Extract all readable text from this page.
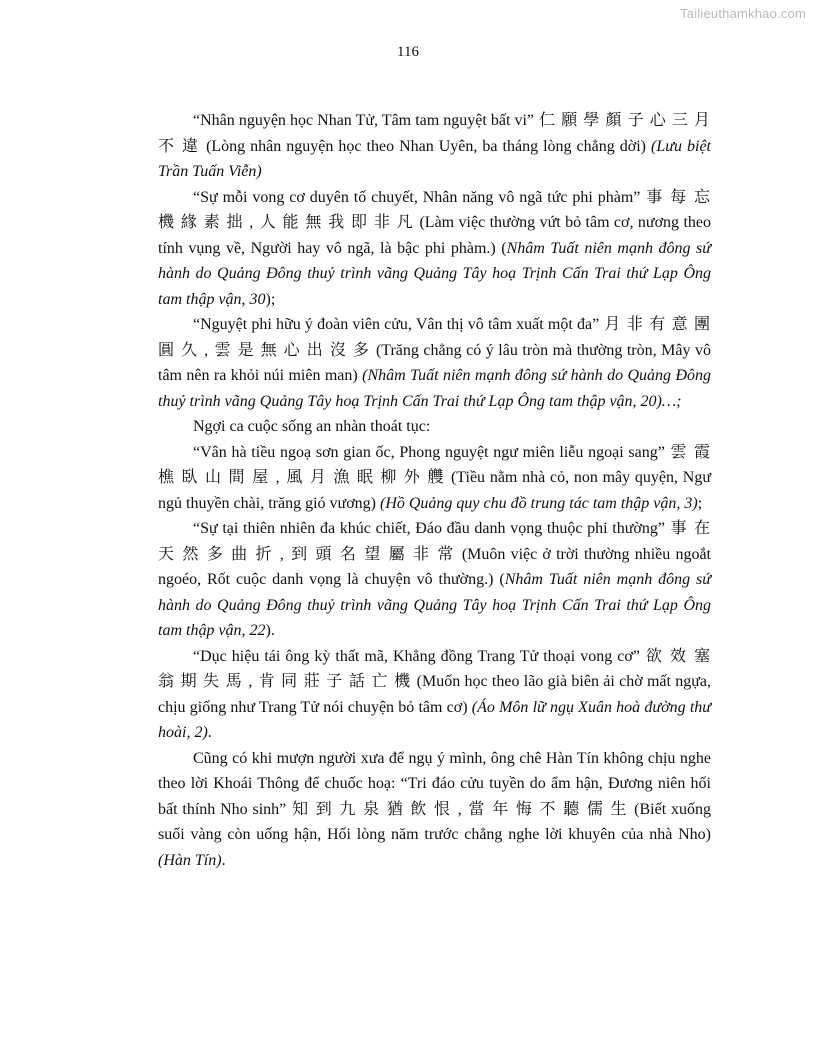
Tailieuthamkhao.com
116

“Nhân nguyện học Nhan Tử, Tâm tam nguyệt bất vi” 仁 願 學 顏 子 心 三 月 不 違 (Lòng nhân nguyện học theo Nhan Uyên, ba tháng lòng chẳng dời) (Lưu biệt Trần Tuấn Viễn)

“Sự mỗi vong cơ duyên tố chuyết, Nhân năng vô ngã tức phi phàm” 事 每 忘 機 緣 素 拙 , 人 能 無 我 即 非 凡 (Làm việc thường vứt bỏ tâm cơ, nương theo tính vụng về, Người hay vô ngã, là bậc phi phàm.) (Nhâm Tuất niên mạnh đông sứ hành do Quảng Đông thuỷ trình vãng Quảng Tây hoạ Trịnh Cấn Trai thứ Lạp Ông tam thập vận, 30);

“Nguyệt phi hữu ý đoàn viên cửu, Vân thị vô tâm xuất một đa” 月 非 有 意 團 圓 久 , 雲 是 無 心 出 沒 多 (Trăng chẳng có ý lâu tròn mà thường tròn, Mây vô tâm nên ra khỏi núi miên man) (Nhâm Tuất niên mạnh đông sứ hành do Quảng Đông thuỷ trình vãng Quảng Tây hoạ Trịnh Cấn Trai thứ Lạp Ông tam thập vận, 20)…;

Ngợi ca cuộc sống an nhàn thoát tục:

“Vân hà tiều ngoạ sơn gian ốc, Phong nguyệt ngư miên liễu ngoại sang” 雲 霞 樵 臥 山 間 屋 , 風 月 漁 眠 柳 外 艭 (Tiều nằm nhà cỏ, non mây quyện, Ngư ngủ thuyền chài, trăng gió vương) (Hồ Quảng quy chu đồ trung tác tam thập vận, 3);

“Sự tại thiên nhiên đa khúc chiết, Đáo đầu danh vọng thuộc phi thường” 事 在 天 然 多 曲 折 , 到 頭 名 望 屬 非 常 (Muôn việc ở trời thường nhiều ngoắt ngoéo, Rốt cuộc danh vọng là chuyện vô thường.) (Nhâm Tuất niên mạnh đông sứ hành do Quảng Đông thuỷ trình vãng Quảng Tây hoạ Trịnh Cấn Trai thứ Lạp Ông tam thập vận, 22).

“Dục hiệu tái ông kỳ thất mã, Khẳng đồng Trang Tử thoại vong cơ” 欲 效 塞 翁 期 失 馬 , 肯 同 莊 子 話 亡 機 (Muốn học theo lão già biên ải chờ mất ngựa, chịu giống như Trang Tử nói chuyện bỏ tâm cơ) (Áo Môn lữ ngụ Xuân hoà đường thư hoài, 2).

Cũng có khi mượn người xưa để ngụ ý mình, ông chê Hàn Tín không chịu nghe theo lời Khoái Thông để chuốc hoạ: “Tri đáo cửu tuyền do ẩm hận, Đương niên hối bất thính Nho sinh” 知 到 九 泉 猶 飲 恨 , 當 年 悔 不 聽 儒 生 (Biết xuống suối vàng còn uống hận, Hối lòng năm trước chẳng nghe lời khuyên của nhà Nho) (Hàn Tín).
